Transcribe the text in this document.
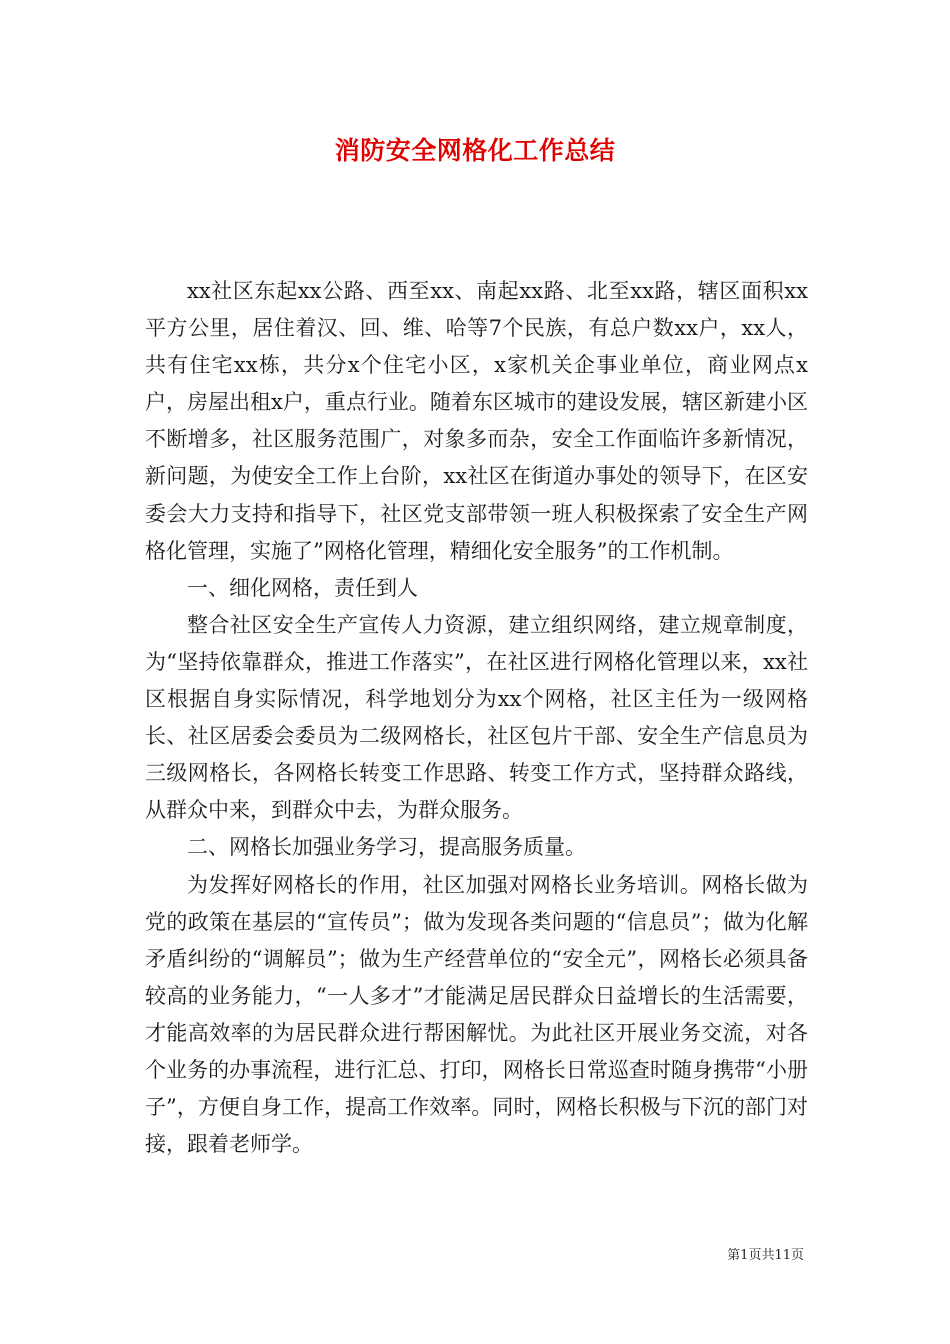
消防安全网格化工作总结

xx社区东起xx公路、西至xx、南起xx路、北至xx路，辖区面积xx平方公里，居住着汉、回、维、哈等7个民族，有总户数xx户，xx人，共有住宅xx栋，共分x个住宅小区，x家机关企事业单位，商业网点x户，房屋出租x户，重点行业。随着东区城市的建设发展，辖区新建小区不断增多，社区服务范围广，对象多而杂，安全工作面临许多新情况，新问题，为使安全工作上台阶，xx社区在街道办事处的领导下，在区安委会大力支持和指导下，社区党支部带领一班人积极探索了安全生产网格化管理，实施了”网格化管理，精细化安全服务”的工作机制。

一、细化网格，责任到人

整合社区安全生产宣传人力资源，建立组织网络，建立规章制度，为“坚持依靠群众，推进工作落实”，在社区进行网格化管理以来，xx社区根据自身实际情况，科学地划分为xx个网格，社区主任为一级网格长、社区居委会委员为二级网格长，社区包片干部、安全生产信息员为三级网格长，各网格长转变工作思路、转变工作方式，坚持群众路线，从群众中来，到群众中去，为群众服务。

二、网格长加强业务学习，提高服务质量。

为发挥好网格长的作用，社区加强对网格长业务培训。网格长做为党的政策在基层的“宣传员”；做为发现各类问题的“信息员”；做为化解矛盾纠纷的“调解员”；做为生产经营单位的“安全元”，网格长必须具备较高的业务能力，“一人多才”才能满足居民群众日益增长的生活需要，才能高效率的为居民群众进行帮困解忧。为此社区开展业务交流，对各个业务的办事流程，进行汇总、打印，网格长日常巡查时随身携带“小册子”，方便自身工作，提高工作效率。同时，网格长积极与下沉的部门对接，跟着老师学。

第1页共11页
